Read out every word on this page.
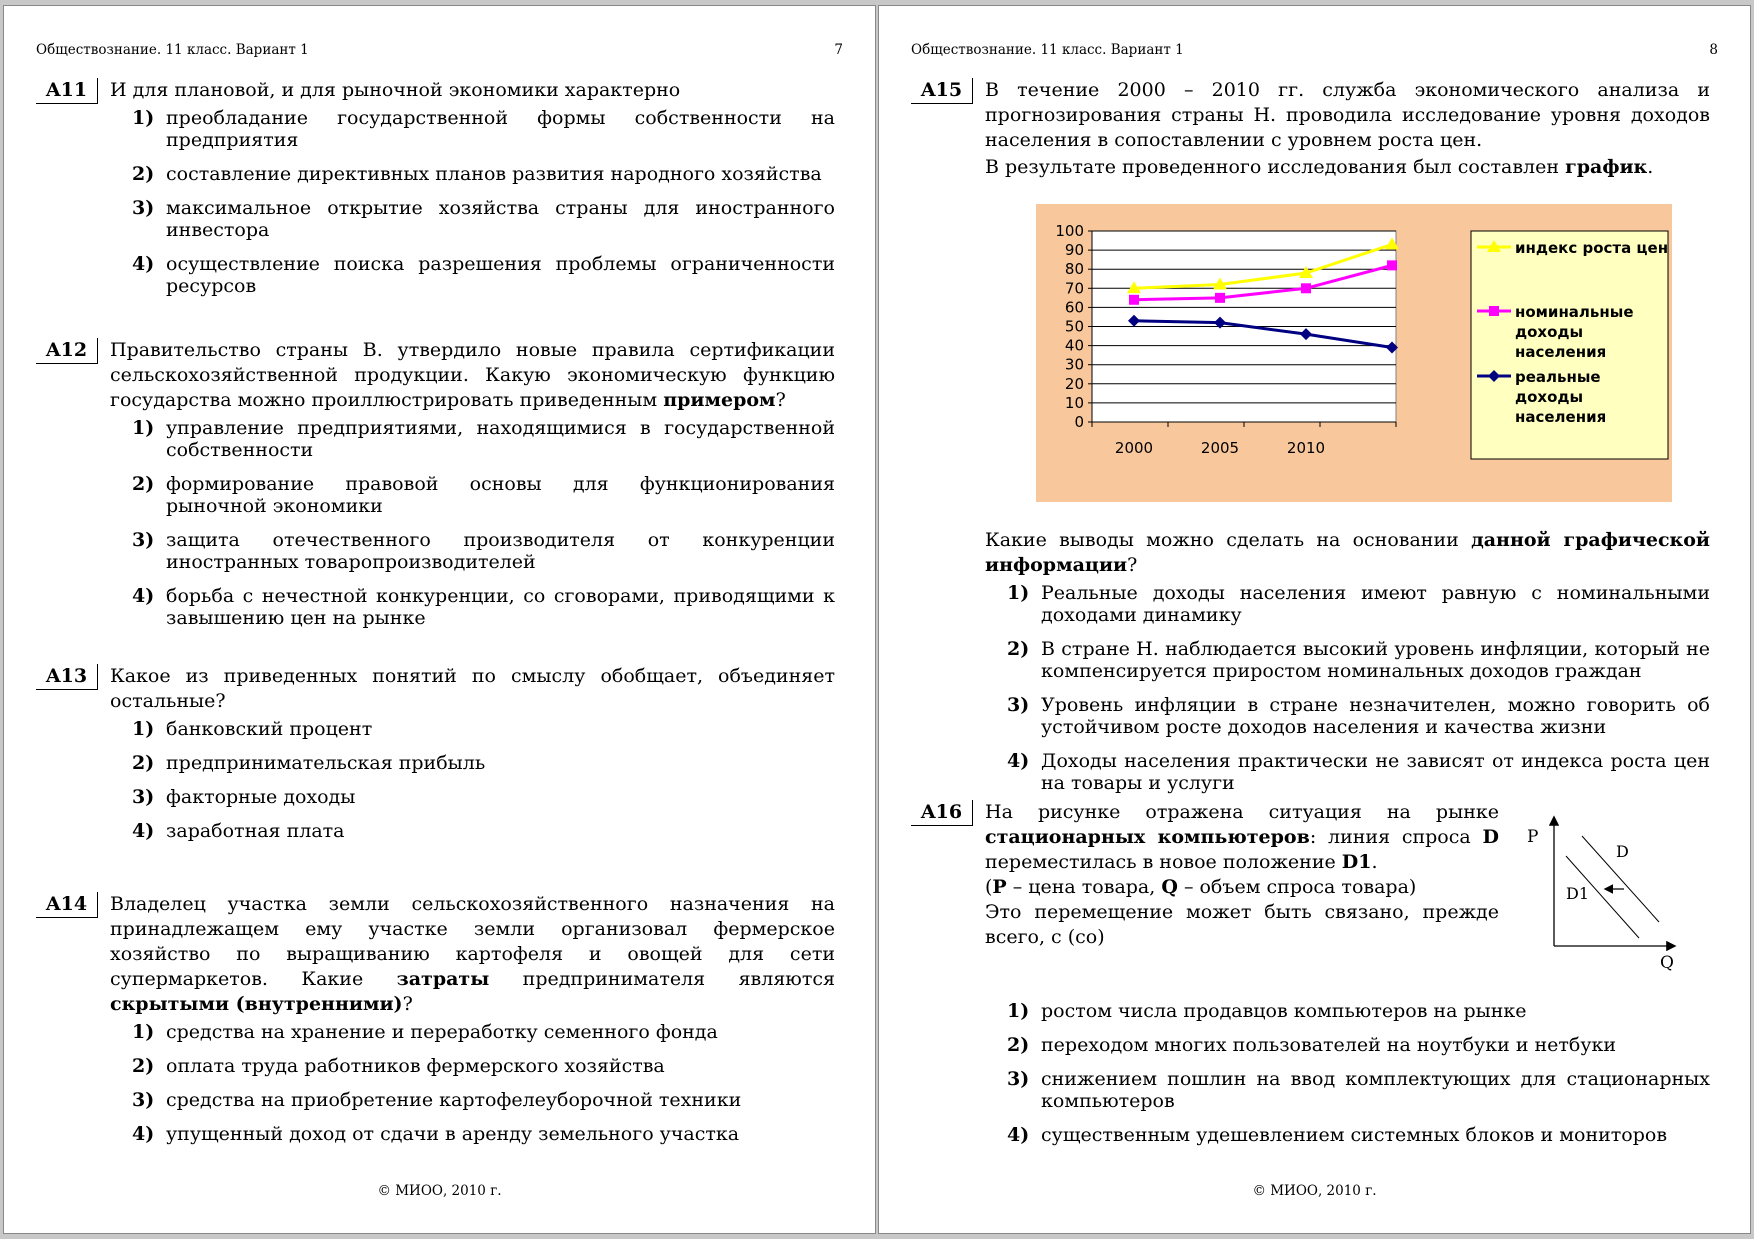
Обществознание. 11 класс. Вариант 1	7
A11	И для плановой, и для рыночной экономики характерно
1) преобладание государственной формы собственности на предприятия
2) составление директивных планов развития народного хозяйства
3) максимальное открытие хозяйства страны для иностранного инвестора
4) осуществление поиска разрешения проблемы ограниченности ресурсов
A12	Правительство страны В. утвердило новые правила сертификации сельскохозяйственной продукции. Какую экономическую функцию государства можно проиллюстрировать приведенным примером?
1) управление предприятиями, находящимися в государственной собственности
2) формирование правовой основы для функционирования рыночной экономики
3) защита отечественного производителя от конкуренции иностранных товаропроизводителей
4) борьба с нечестной конкуренции, со сговорами, приводящими к завышению цен на рынке
A13	Какое из приведенных понятий по смыслу обобщает, объединяет остальные?
1) банковский процент
2) предпринимательская прибыль
3) факторные доходы
4) заработная плата
A14	Владелец участка земли сельскохозяйственного назначения на принадлежащем ему участке земли организовал фермерское хозяйство по выращиванию картофеля и овощей для сети супермаркетов. Какие затраты предпринимателя являются скрытыми (внутренними)?
1) средства на хранение и переработку семенного фонда
2) оплата труда работников фермерского хозяйства
3) средства на приобретение картофелеуборочной техники
4) упущенный доход от сдачи в аренду земельного участка
© МИОО, 2010 г.
Обществознание. 11 класс. Вариант 1	8
A15	В течение 2000 – 2010 гг. служба экономического анализа и прогнозирования страны Н. проводила исследование уровня доходов населения в сопоставлении с уровнем роста цен.
В результате проведенного исследования был составлен график.
0
10
20
30
40
50
60
70
80
90
100
2000	2005	2010
индекс роста цен
номинальные
доходы
населения
реальные
доходы
населения
Какие выводы можно сделать на основании данной графической информации?
1) Реальные доходы населения имеют равную с номинальными доходами динамику
2) В стране Н. наблюдается высокий уровень инфляции, который не компенсируется приростом номинальных доходов граждан
3) Уровень инфляции в стране незначителен, можно говорить об устойчивом росте доходов населения и качества жизни
4) Доходы населения практически не зависят от индекса роста цен на товары и услуги
A16	На рисунке отражена ситуация на рынке стационарных компьютеров: линия спроса D переместилась в новое положение D1.
(P – цена товара, Q – объем спроса товара)
Это перемещение может быть связано, прежде всего, с (со)
P
Q
D
D1
1) ростом числа продавцов компьютеров на рынке
2) переходом многих пользователей на ноутбуки и нетбуки
3) снижением пошлин на ввод комплектующих для стационарных компьютеров
4) существенным удешевлением системных блоков и мониторов
© МИОО, 2010 г.
